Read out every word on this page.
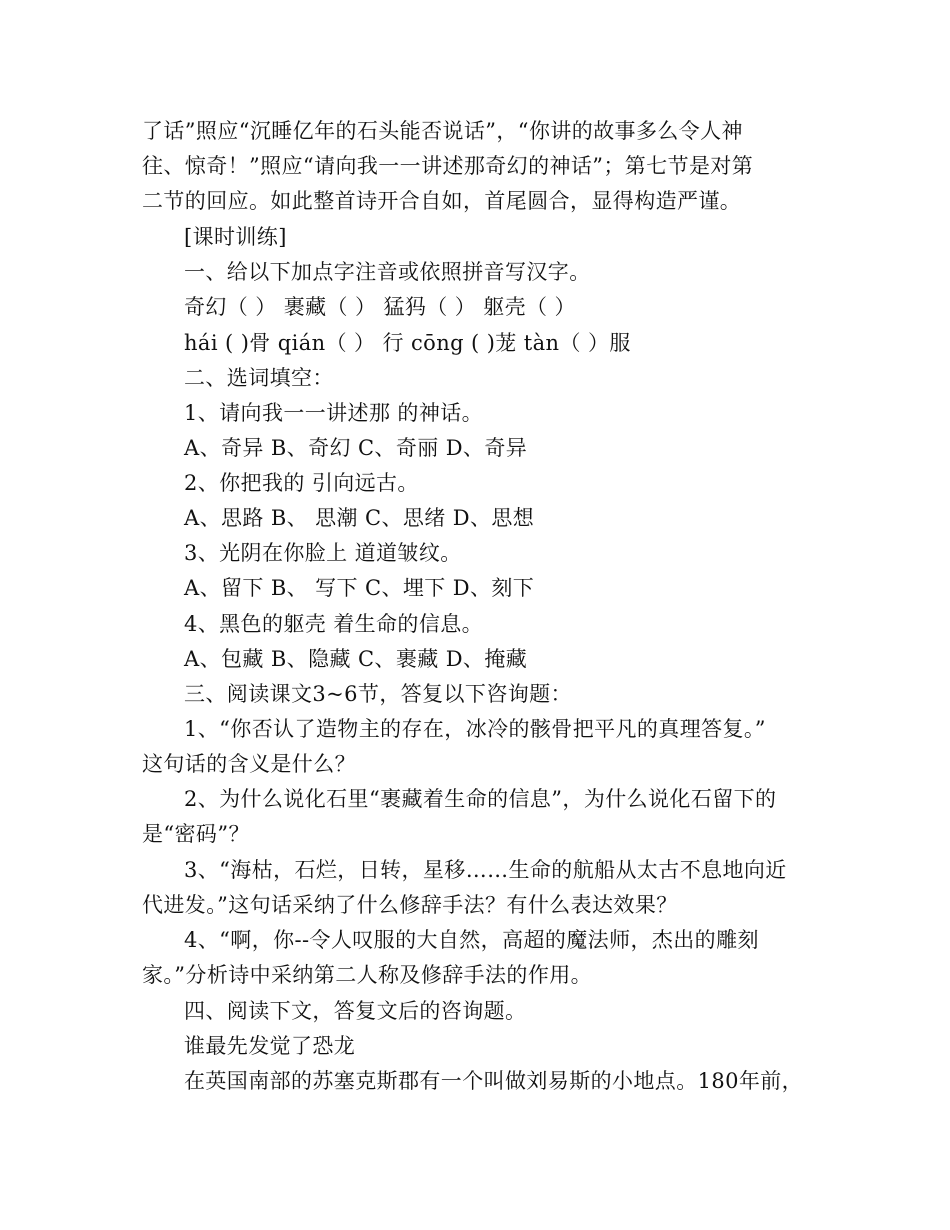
了话”照应“沉睡亿年的石头能否说话”，“你讲的故事多么令人神
往、惊奇！”照应“请向我一一讲述那奇幻的神话”；第七节是对第
二节的回应。如此整首诗开合自如，首尾圆合，显得构造严谨。
[课时训练]
一、给以下加点字注音或依照拼音写汉字。
奇幻（ ） 裹藏（ ） 猛犸（ ） 躯壳（ ）
hái ( )骨 qián（ ） 行 cōng ( )茏 tàn（ ）服
二、选词填空：
1、请向我一一讲述那 的神话。
A、奇异 B、奇幻 C、奇丽 D、奇异
2、你把我的 引向远古。
A、思路 B、 思潮 C、思绪 D、思想
3、光阴在你脸上 道道皱纹。
A、留下 B、 写下 C、埋下 D、刻下
4、黑色的躯壳 着生命的信息。
A、包藏 B、隐藏 C、裹藏 D、掩藏
三、阅读课文3~6节，答复以下咨询题：
1、“你否认了造物主的存在，冰冷的骸骨把平凡的真理答复。”
这句话的含义是什么？
2、为什么说化石里“裹藏着生命的信息”，为什么说化石留下的
是“密码”？
3、“海枯，石烂，日转，星移……生命的航船从太古不息地向近
代进发。”这句话采纳了什么修辞手法？有什么表达效果？
4、“啊，你--令人叹服的大自然，高超的魔法师，杰出的雕刻
家。”分析诗中采纳第二人称及修辞手法的作用。
四、阅读下文，答复文后的咨询题。
谁最先发觉了恐龙
在英国南部的苏塞克斯郡有一个叫做刘易斯的小地点。180年前，
